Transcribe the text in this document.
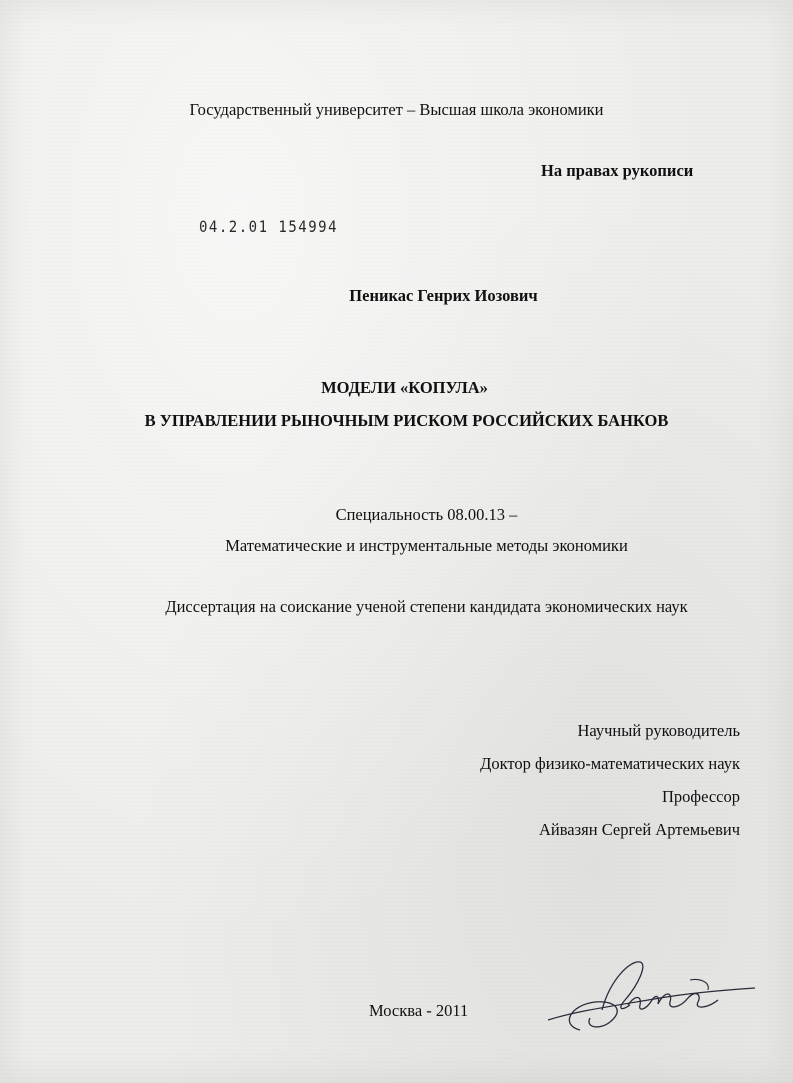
Государственный университет – Высшая школа экономики

На правах рукописи

04.2.01 154994

Пеникас Генрих Иозович

МОДЕЛИ «КОПУЛА»

В УПРАВЛЕНИИ РЫНОЧНЫМ РИСКОМ РОССИЙСКИХ БАНКОВ

Специальность 08.00.13 –

Математические и инструментальные методы экономики

Диссертация на соискание ученой степени кандидата экономических наук

Научный руководитель
Доктор физико-математических наук
Профессор
Айвазян Сергей Артемьевич

Москва - 2011
